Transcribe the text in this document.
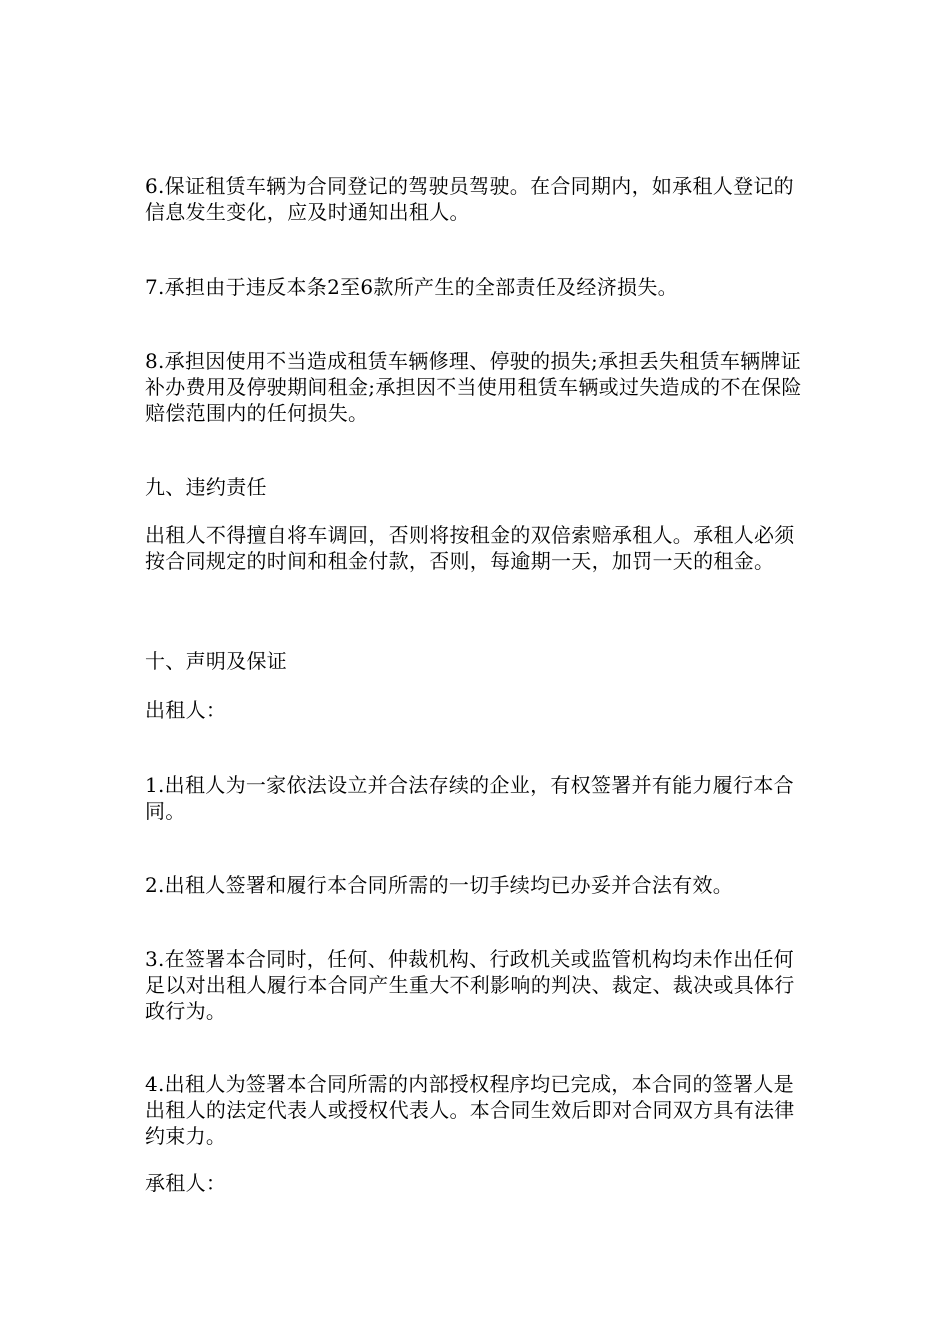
6.保证租赁车辆为合同登记的驾驶员驾驶。在合同期内，如承租人登记的信息发生变化，应及时通知出租人。

7.承担由于违反本条2至6款所产生的全部责任及经济损失。

8.承担因使用不当造成租赁车辆修理、停驶的损失;承担丢失租赁车辆牌证补办费用及停驶期间租金;承担因不当使用租赁车辆或过失造成的不在保险赔偿范围内的任何损失。

九、违约责任

出租人不得擅自将车调回，否则将按租金的双倍索赔承租人。承租人必须按合同规定的时间和租金付款，否则，每逾期一天，加罚一天的租金。

十、声明及保证

出租人：

1.出租人为一家依法设立并合法存续的企业，有权签署并有能力履行本合同。

2.出租人签署和履行本合同所需的一切手续均已办妥并合法有效。

3.在签署本合同时，任何、仲裁机构、行政机关或监管机构均未作出任何足以对出租人履行本合同产生重大不利影响的判决、裁定、裁决或具体行政行为。

4.出租人为签署本合同所需的内部授权程序均已完成，本合同的签署人是出租人的法定代表人或授权代表人。本合同生效后即对合同双方具有法律约束力。

承租人：
